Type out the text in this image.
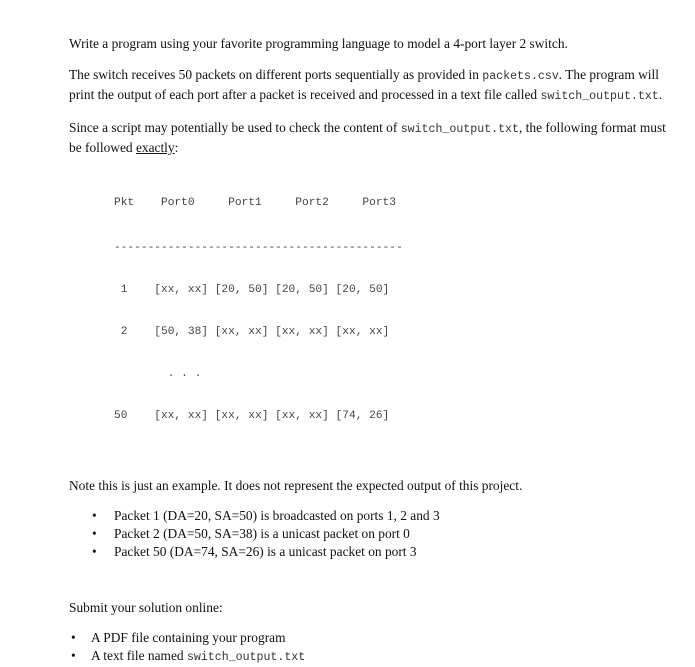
Write a program using your favorite programming language to model a 4-port layer 2 switch.

The switch receives 50 packets on different ports sequentially as provided in packets.csv. The program will print the output of each port after a packet is received and processed in a text file called switch_output.txt.

Since a script may potentially be used to check the content of switch_output.txt, the following format must be followed exactly:

Pkt    Port0     Port1     Port2     Port3

-------------------------------------------

1    [xx, xx] [20, 50] [20, 50] [20, 50]

2    [50, 38] [xx, xx] [xx, xx] [xx, xx]

. . .

50    [xx, xx] [xx, xx] [xx, xx] [74, 26]

Note this is just an example. It does not represent the expected output of this project.

• Packet 1 (DA=20, SA=50) is broadcasted on ports 1, 2 and 3
• Packet 2 (DA=50, SA=38) is a unicast packet on port 0
• Packet 50 (DA=74, SA=26) is a unicast packet on port 3

Submit your solution online:

• A PDF file containing your program
• A text file named switch_output.txt
